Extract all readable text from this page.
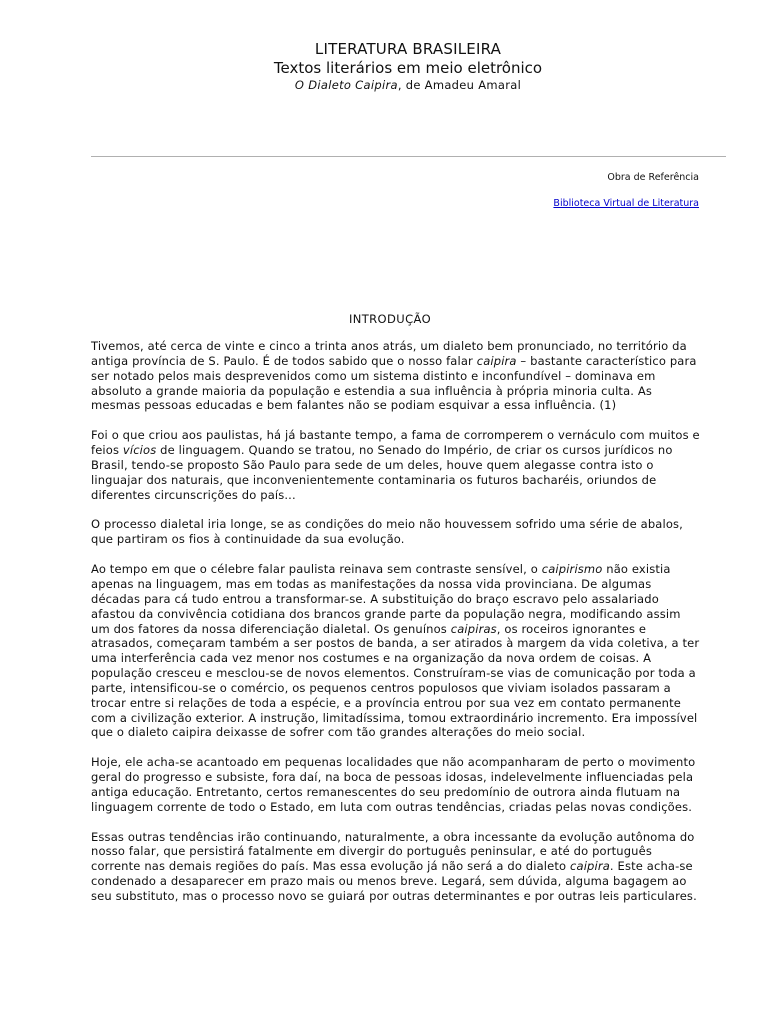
LITERATURA BRASILEIRA
Textos literários em meio eletrônico
O Dialeto Caipira, de Amadeu Amaral
Obra de Referência
Biblioteca Virtual de Literatura
INTRODUÇÃO

Tivemos, até cerca de vinte e cinco a trinta anos atrás, um dialeto bem pronunciado, no território da antiga província de S. Paulo. É de todos sabido que o nosso falar caipira – bastante característico para ser notado pelos mais desprevenidos como um sistema distinto e inconfundível – dominava em absoluto a grande maioria da população e estendia a sua influência à própria minoria culta. As mesmas pessoas educadas e bem falantes não se podiam esquivar a essa influência. (1)

Foi o que criou aos paulistas, há já bastante tempo, a fama de corromperem o vernáculo com muitos e feios vícios de linguagem. Quando se tratou, no Senado do Império, de criar os cursos jurídicos no Brasil, tendo-se proposto São Paulo para sede de um deles, houve quem alegasse contra isto o linguajar dos naturais, que inconvenientemente contaminaria os futuros bacharéis, oriundos de diferentes circunscrições do país...

O processo dialetal iria longe, se as condições do meio não houvessem sofrido uma série de abalos, que partiram os fios à continuidade da sua evolução.

Ao tempo em que o célebre falar paulista reinava sem contraste sensível, o caipirismo não existia apenas na linguagem, mas em todas as manifestações da nossa vida provinciana. De algumas décadas para cá tudo entrou a transformar-se. A substituição do braço escravo pelo assalariado afastou da convivência cotidiana dos brancos grande parte da população negra, modificando assim um dos fatores da nossa diferenciação dialetal. Os genuínos caipiras, os roceiros ignorantes e atrasados, começaram também a ser postos de banda, a ser atirados à margem da vida coletiva, a ter uma interferência cada vez menor nos costumes e na organização da nova ordem de coisas. A população cresceu e mesclou-se de novos elementos. Construíram-se vias de comunicação por toda a parte, intensificou-se o comércio, os pequenos centros populosos que viviam isolados passaram a trocar entre si relações de toda a espécie, e a província entrou por sua vez em contato permanente com a civilização exterior. A instrução, limitadíssima, tomou extraordinário incremento. Era impossível que o dialeto caipira deixasse de sofrer com tão grandes alterações do meio social.

Hoje, ele acha-se acantoado em pequenas localidades que não acompanharam de perto o movimento geral do progresso e subsiste, fora daí, na boca de pessoas idosas, indelevelmente influenciadas pela antiga educação. Entretanto, certos remanescentes do seu predomínio de outrora ainda flutuam na linguagem corrente de todo o Estado, em luta com outras tendências, criadas pelas novas condições.

Essas outras tendências irão continuando, naturalmente, a obra incessante da evolução autônoma do nosso falar, que persistirá fatalmente em divergir do português peninsular, e até do português corrente nas demais regiões do país. Mas essa evolução já não será a do dialeto caipira. Este acha-se condenado a desaparecer em prazo mais ou menos breve. Legará, sem dúvida, alguma bagagem ao seu substituto, mas o processo novo se guiará por outras determinantes e por outras leis particulares.
